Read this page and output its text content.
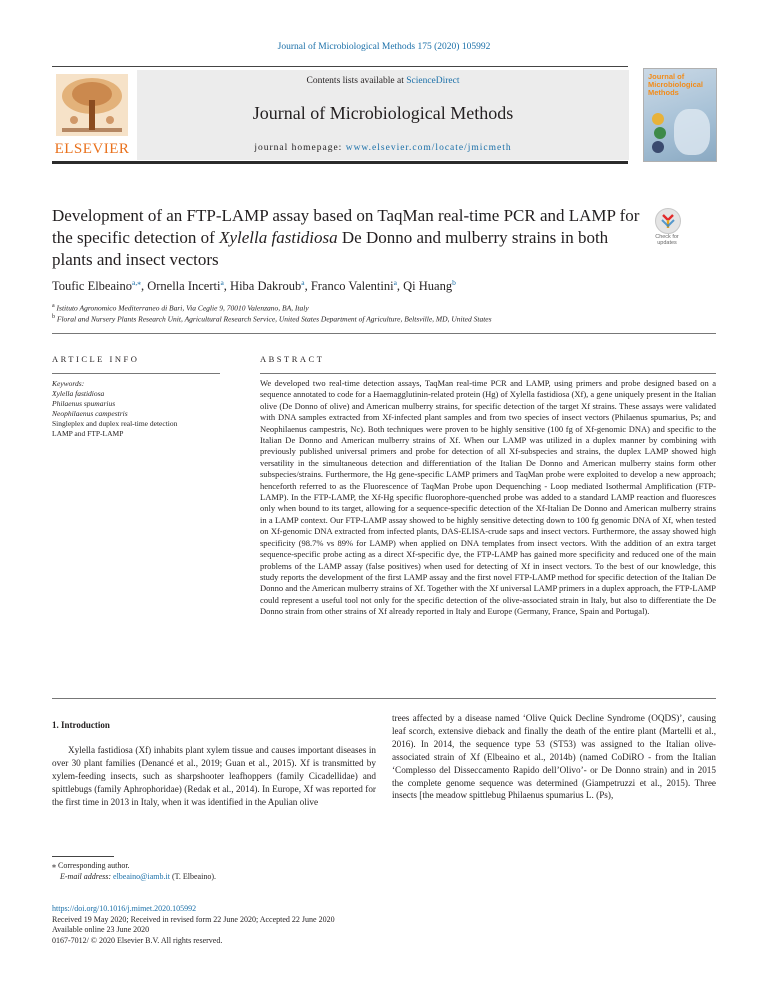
Journal of Microbiological Methods 175 (2020) 105992
ELSEVIER
Contents lists available at ScienceDirect
Journal of Microbiological Methods
journal homepage: www.elsevier.com/locate/jmicmeth
Journal of Microbiological Methods
Development of an FTP-LAMP assay based on TaqMan real-time PCR and LAMP for the specific detection of Xylella fastidiosa De Donno and mulberry strains in both plants and insect vectors
Check for updates
Toufic Elbeaino$^{a,⁎}$, Ornella Incerti$^a$, Hiba Dakroub$^a$, Franco Valentini$^a$, Qi Huang$^b$
$^a$ Istituto Agronomico Mediterraneo di Bari, Via Ceglie 9, 70010 Valenzano, BA, Italy
$^b$ Floral and Nursery Plants Research Unit, Agricultural Research Service, United States Department of Agriculture, Beltsville, MD, United States
ARTICLE INFO	ABSTRACT
Keywords:
Xylella fastidiosa
Philaenus spumarius
Neophilaenus campestris
Singleplex and duplex real-time detection
LAMP and FTP-LAMP
We developed two real-time detection assays, TaqMan real-time PCR and LAMP, using primers and probe designed based on a sequence annotated to code for a Haemagglutinin-related protein (Hg) of Xylella fastidiosa (Xf), a gene uniquely present in the Italian olive (De Donno of olive) and American mulberry strains, for specific detection of the target Xf strains. These assays were validated with DNA samples extracted from Xf-infected plant samples and from two species of insect vectors (Philaenus spumarius, Ps; and Neophilaenus campestris, Nc). Both techniques were proven to be highly sensitive (100 fg of Xf-genomic DNA) and specific to the Italian De Donno and American mulberry strains of Xf. When our LAMP was utilized in a duplex manner by combining with previously published universal primers and probe for detection of all Xf-subspecies and strains, the duplex LAMP showed high versatility in the simultaneous detection and differentiation of the Italian De Donno and American mulberry stains form other subspecies/strains. Furthermore, the Hg gene-specific LAMP primers and TaqMan probe were exploited to develop a new approach; henceforth referred to as the Fluorescence of TaqMan Probe upon Dequenching - Loop mediated Isothermal Amplification (FTP-LAMP). In the FTP-LAMP, the Xf-Hg specific fluorophore-quenched probe was added to a standard LAMP reaction and fluoresces only when bound to its target, allowing for a sequence-specific detection of the Xf-Italian De Donno and American mulberry strains in a LAMP context. Our FTP-LAMP assay showed to be highly sensitive detecting down to 100 fg genomic DNA of Xf, when tested on Xf-genomic DNA extracted from infected plants, DAS-ELISA-crude saps and insect vectors. Furthermore, the assay showed high specificity (98.7% vs 89% for LAMP) when applied on DNA templates from insect vectors. With the addition of an extra target sequence-specific probe acting as a direct Xf-specific dye, the FTP-LAMP has gained more specificity and reduced one of the main problems of the LAMP assay (false positives) when used for detecting of Xf in insect vectors. To the best of our knowledge, this study reports the development of the first LAMP assay and the first novel FTP-LAMP method for specific detection of the Italian De Donno and the American mulberry strains of Xf. Together with the Xf universal LAMP primers in a duplex approach, the FTP-LAMP could represent a useful tool not only for the specific detection of the olive-associated strain in Italy, but also to differentiate the De Donno strain from other strains of Xf already reported in Italy and Europe (Germany, France, Spain and Portugal).
1. Introduction

Xylella fastidiosa (Xf) inhabits plant xylem tissue and causes important diseases in over 30 plant families (Denancé et al., 2019; Guan et al., 2015). Xf is transmitted by xylem-feeding insects, such as sharpshooter leafhoppers (family Cicadellidae) and spittlebugs (family Aphrophoridae) (Redak et al., 2014). In Europe, Xf was reported for the first time in 2013 in Italy, when it was identified in the Apulian olive

trees affected by a disease named ‘Olive Quick Decline Syndrome (OQDS)’, causing leaf scorch, extensive dieback and finally the death of the entire plant (Martelli et al., 2016). In 2014, the sequence type 53 (ST53) was assigned to the Italian olive-associated strain of Xf (Elbeaino et al., 2014b) (named CoDiRO - from the Italian ‘Complesso del Disseccamento Rapido dell’Olivo’- or De Donno strain) and in 2015 the complete genome sequence was determined (Giampetruzzi et al., 2015). Three insects [the meadow spittlebug Philaenus spumarius L. (Ps),

⁎ Corresponding author.
E-mail address: elbeaino@iamb.it (T. Elbeaino).
https://doi.org/10.1016/j.mimet.2020.105992
Received 19 May 2020; Received in revised form 22 June 2020; Accepted 22 June 2020
Available online 23 June 2020
0167-7012/ © 2020 Elsevier B.V. All rights reserved.
